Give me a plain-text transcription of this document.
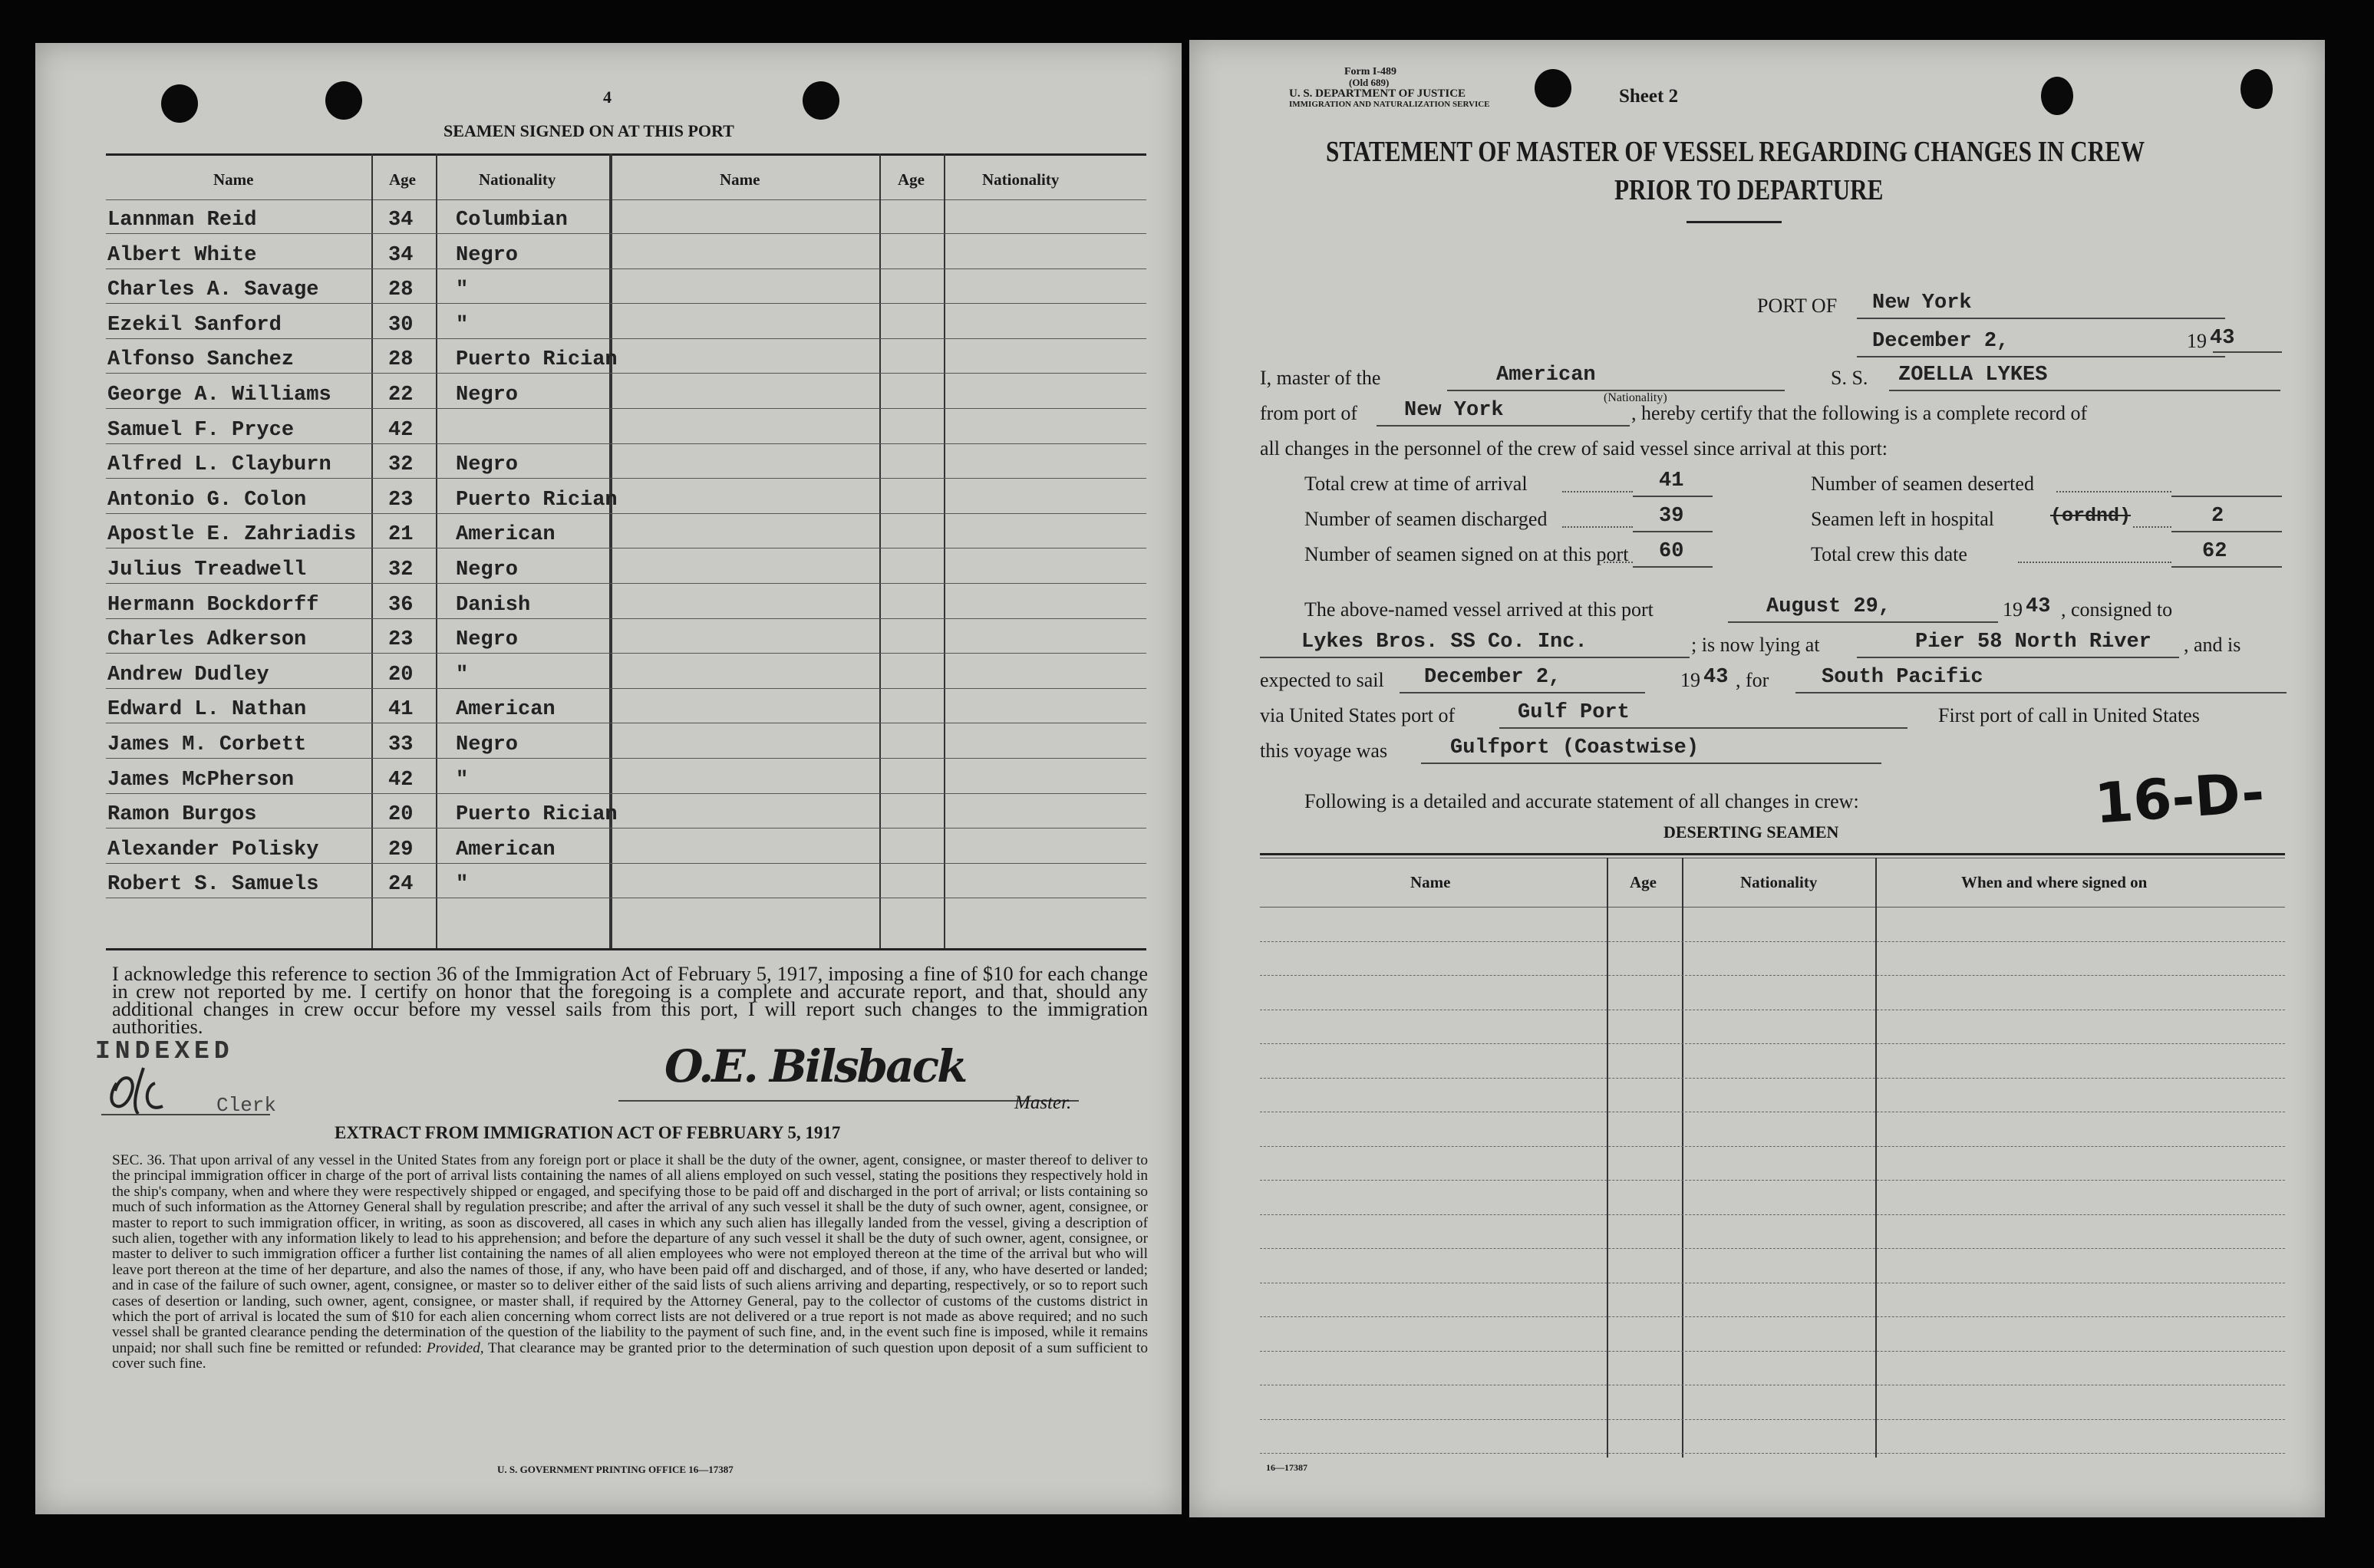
4
SEAMEN SIGNED ON AT THIS PORT
Name	Age	Nationality	Name	Age	Nationality
I acknowledge this reference to section 36 of the Immigration Act of February 5, 1917, imposing a fine of $10 for each change in crew not reported by me. I certify on honor that the foregoing is a complete and accurate report, and that, should any additional changes in crew occur before my vessel sails from this port, I will report such changes to the immigration authorities.
INDEXED
Clerk
O.E. Bilsback
Master.
EXTRACT FROM IMMIGRATION ACT OF FEBRUARY 5, 1917
SEC. 36. That upon arrival of any vessel in the United States from any foreign port or place it shall be the duty of the owner, agent, consignee, or master thereof to deliver to the principal immigration officer in charge of the port of arrival lists containing the names of all aliens employed on such vessel, stating the positions they respectively hold in the ship's company, when and where they were respectively shipped or engaged, and specifying those to be paid off and discharged in the port of arrival; or lists containing so much of such information as the Attorney General shall by regulation prescribe; and after the arrival of any such vessel it shall be the duty of such owner, agent, consignee, or master to report to such immigration officer, in writing, as soon as discovered, all cases in which any such alien has illegally landed from the vessel, giving a description of such alien, together with any information likely to lead to his apprehension; and before the departure of any such vessel it shall be the duty of such owner, agent, consignee, or master to deliver to such immigration officer a further list containing the names of all alien employees who were not employed thereon at the time of the arrival but who will leave port thereon at the time of her departure, and also the names of those, if any, who have been paid off and discharged, and of those, if any, who have deserted or landed; and in case of the failure of such owner, agent, consignee, or master so to deliver either of the said lists of such aliens arriving and departing, respectively, or so to report such cases of desertion or landing, such owner, agent, consignee, or master shall, if required by the Attorney General, pay to the collector of customs of the customs district in which the port of arrival is located the sum of $10 for each alien concerning whom correct lists are not delivered or a true report is not made as above required; and no such vessel shall be granted clearance pending the determination of the question of the liability to the payment of such fine, and, in the event such fine is imposed, while it remains unpaid; nor shall such fine be remitted or refunded: Provided, That clearance may be granted prior to the determination of such question upon deposit of a sum sufficient to cover such fine.
U. S. GOVERNMENT PRINTING OFFICE 16—17387
Lannman Reid	34 Columbian
Albert White	34 Negro
Charles A. Savage	28 "
Ezekil Sanford	30 "
Alfonso Sanchez	28 Puerto Rician
George A. Williams	22 Negro
Samuel F. Pryce	42
Alfred L. Clayburn	32 Negro
Antonio G. Colon	23 Puerto Rician
Apostle E. Zahriadis 21 American
Julius Treadwell	32 Negro
Hermann Bockdorff	36 Danish
Charles Adkerson	23 Negro
Andrew Dudley	20 "
Edward L. Nathan	41 American
James M. Corbett	33 Negro
James McPherson	42 "
Ramon Burgos	20 Puerto Rician
Alexander Polisky	29 American
Robert S. Samuels	24 "
Form I-489
(Old 689)
U. S. DEPARTMENT OF JUSTICE
IMMIGRATION AND NATURALIZATION SERVICE	Sheet 2
STATEMENT OF MASTER OF VESSEL REGARDING CHANGES IN CREW
PRIOR TO DEPARTURE
PORT OF New York
December 2,	19 43
I, master of the	American
(Nationality)
S. S. ZOELLA LYKES
from port of New York	, hereby certify that the following is a complete record of
all changes in the personnel of the crew of said vessel since arrival at this port:
Total crew at time of arrival	41
Number of seamen discharged	39
Number of seamen signed on at this port 60
Number of seamen deserted
Seamen left in hospital	(ordnd)	2
Total crew this date	62
The above-named vessel arrived at this port	August 29,	19 43 , consigned to
Lykes Bros. SS Co. Inc.	; is now lying at	Pier 58 North River , and is
expected to sail December 2,	19 43 , for	South Pacific
via United States port of	Gulf Port	First port of call in United States
this voyage was	Gulfport (Coastwise)
Following is a detailed and accurate statement of all changes in crew:	16-D-
DESERTING SEAMEN
Name	Age	Nationality	When and where signed on
16—17387
